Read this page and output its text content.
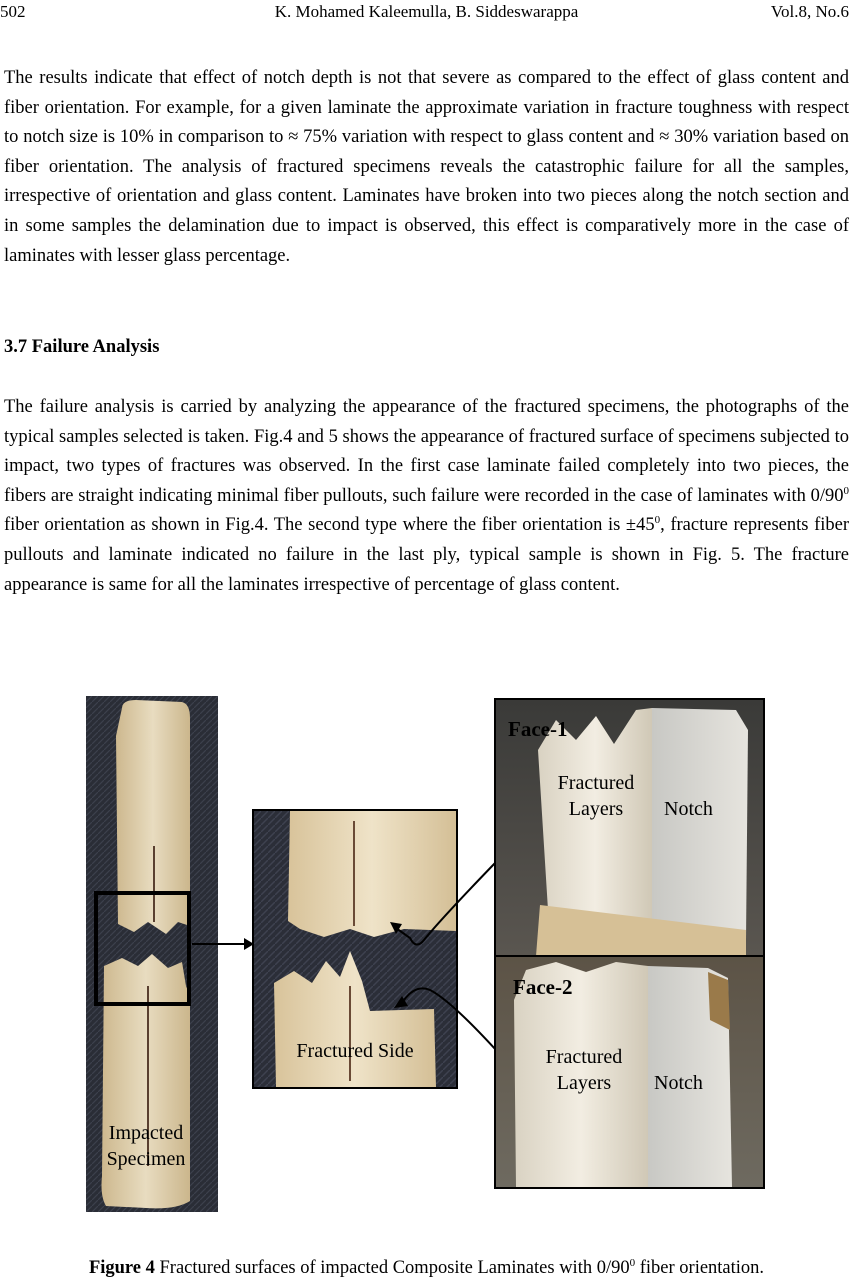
502	K. Mohamed Kaleemulla, B. Siddeswarappa	Vol.8, No.6

The results indicate that effect of notch depth is not that severe as compared to the effect of glass content and fiber orientation. For example, for a given laminate the approximate variation in fracture toughness with respect to notch size is 10% in comparison to ≈ 75% variation with respect to glass content and ≈ 30% variation based on fiber orientation. The analysis of fractured specimens reveals the catastrophic failure for all the samples, irrespective of orientation and glass content. Laminates have broken into two pieces along the notch section and in some samples the delamination due to impact is observed, this effect is comparatively more in the case of laminates with lesser glass percentage.

3.7 Failure Analysis

The failure analysis is carried by analyzing the appearance of the fractured specimens, the photographs of the typical samples selected is taken. Fig.4 and 5 shows the appearance of fractured surface of specimens subjected to impact, two types of fractures was observed. In the first case laminate failed completely into two pieces, the fibers are straight indicating minimal fiber pullouts, such failure were recorded in the case of laminates with $0/90^0$ fiber orientation as shown in Fig.4. The second type where the fiber orientation is $\pm 45^0$, fracture represents fiber pullouts and laminate indicated no failure in the last ply, typical sample is shown in Fig. 5. The fracture appearance is same for all the laminates irrespective of percentage of glass content.

Impacted
Specimen
Fractured Side
Face-1
Fractured
Layers	Notch
Face-2
Fractured
Layers	Notch
Figure 4 Fractured surfaces of impacted Composite Laminates with $0/90^0$ fiber orientation.
